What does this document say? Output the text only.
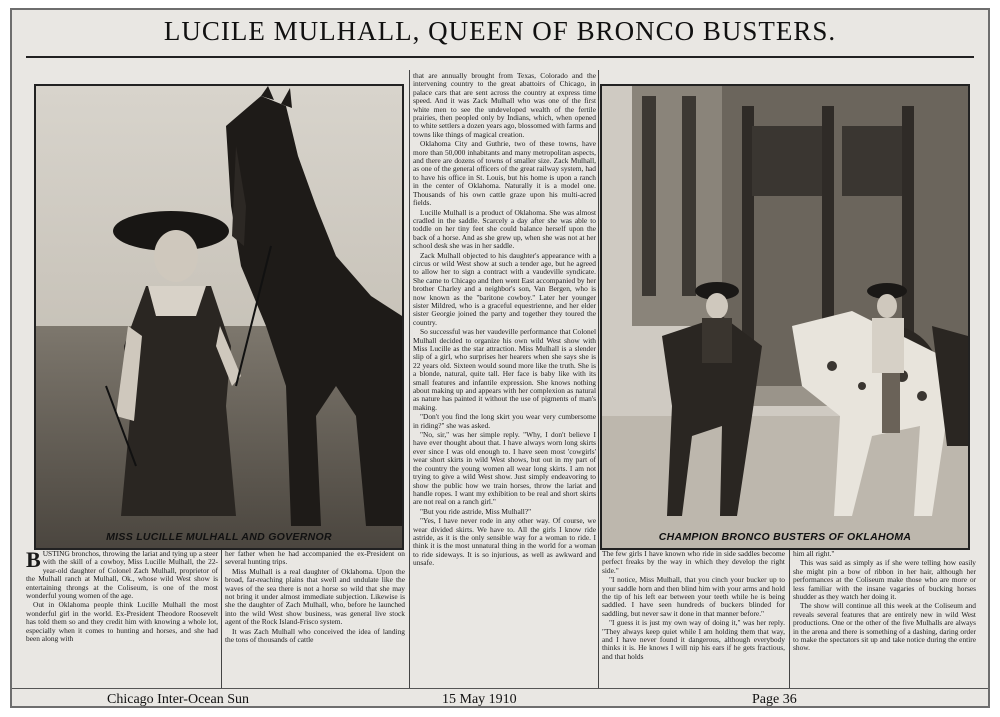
LUCILE MULHALL, QUEEN OF BRONCO BUSTERS.
MISS LUCILLE MULHALL AND GOVERNOR	CHAMPION BRONCO BUSTERS OF OKLAHOMA

BUSTING bronchos, throwing the lariat and tying up a steer with the skill of a cowboy, Miss Lucille Mulhall, the 22-year-old daughter of Colonel Zach Mulhall, proprietor of the Mulhall ranch at Mulhall, Ok., whose wild West show is entertaining throngs at the Coliseum, is one of the most wonderful young women of the age.

Out in Oklahoma people think Lucille Mulhall the most wonderful girl in the world. Ex-President Theodore Roosevelt has told them so and they credit him with knowing a whole lot, especially when it comes to hunting and horses, and she had been along with

her father when he had accompanied the ex-President on several hunting trips.

Miss Mulhall is a real daughter of Oklahoma. Upon the broad, far-reaching plains that swell and undulate like the waves of the sea there is not a horse so wild that she may not bring it under almost immediate subjection. Likewise is she the daughter of Zach Mulhall, who, before he launched into the wild West show business, was general live stock agent of the Rock Island-Frisco system.

It was Zach Mulhall who conceived the idea of landing the tons of thousands of cattle

that are annually brought from Texas, Colorado and the intervening country to the great abattoirs of Chicago, in palace cars that are sent across the country at express time speed. And it was Zack Mulhall who was one of the first white men to see the undeveloped wealth of the fertile prairies, then peopled only by Indians, which, when opened to white settlers a dozen years ago, blossomed with farms and towns like things of magical creation.

Oklahoma City and Guthrie, two of these towns, have more than 50,000 inhabitants and many metropolitan aspects, and there are dozens of towns of smaller size. Zack Mulhall, as one of the general officers of the great railway system, had to have his office in St. Louis, but his home is upon a ranch in the center of Oklahoma. Naturally it is a model one. Thousands of his own cattle graze upon his multi-acred fields.

Lucille Mulhall is a product of Oklahoma. She was almost cradled in the saddle. Scarcely a day after she was able to toddle on her tiny feet she could balance herself upon the back of a horse. And as she grew up, when she was not at her school desk she was in her saddle.

Zack Mulhall objected to his daughter's appearance with a circus or wild West show at such a tender age, but he agreed to allow her to sign a contract with a vaudeville syndicate. She came to Chicago and then went East accompanied by her brother Charley and a neighbor's son, Van Bergen, who is now known as the "baritone cowboy." Later her younger sister Mildred, who is a graceful equestrienne, and her elder sister Georgie joined the party and together they toured the country.

So successful was her vaudeville performance that Colonel Mulhall decided to organize his own wild West show with Miss Lucille as the star attraction. Miss Mulhall is a slender slip of a girl, who surprises her hearers when she says she is 22 years old. Sixteen would sound more like the truth. She is a blonde, natural, quite tall. Her face is baby like with its small features and infantile expression. She knows nothing about making up and appears with her complexion as natural as nature has painted it without the use of pigments of man's making.

"Don't you find the long skirt you wear very cumbersome in riding?" she was asked.

"No, sir," was her simple reply. "Why, I don't believe I have ever thought about that. I have always worn long skirts ever since I was old enough to. I have seen most 'cowgirls' wear short skirts in wild West shows, but out in my part of the country the young women all wear long skirts. I am not trying to give a wild West show. Just simply endeavoring to show the public how we train horses, throw the lariat and handle ropes. I want my exhibition to be real and short skirts are not real on a ranch girl."

"But you ride astride, Miss Mulhall?"

"Yes, I have never rode in any other way. Of course, we wear divided skirts. We have to. All the girls I know ride astride, as it is the only sensible way for a woman to ride. I think it is the most unnatural thing in the world for a woman to ride sideways. It is so injurious, as well as awkward and unsafe.

The few girls I have known who ride in side saddles become perfect freaks by the way in which they develop the right side."

"I notice, Miss Mulhall, that you cinch your bucker up to your saddle horn and then blind him with your arms and hold the tip of his left ear between your teeth while he is being saddled. I have seen hundreds of buckers blinded for saddling, but never saw it done in that manner before."

"I guess it is just my own way of doing it," was her reply. "They always keep quiet while I am holding them that way, and I have never found it dangerous, although everybody thinks it is. He knows I will nip his ears if he gets fractious, and that holds

him all right."

This was said as simply as if she were telling how easily she might pin a bow of ribbon in her hair, although her performances at the Coliseum make those who are more or less familiar with the insane vagaries of bucking horses shudder as they watch her doing it.

The show will continue all this week at the Coliseum and reveals several features that are entirely new in wild West productions. One or the other of the five Mulhalls are always in the arena and there is something of a dashing, daring order to make the spectators sit up and take notice during the entire show.

Chicago Inter-Ocean Sun	15 May 1910	Page 36
